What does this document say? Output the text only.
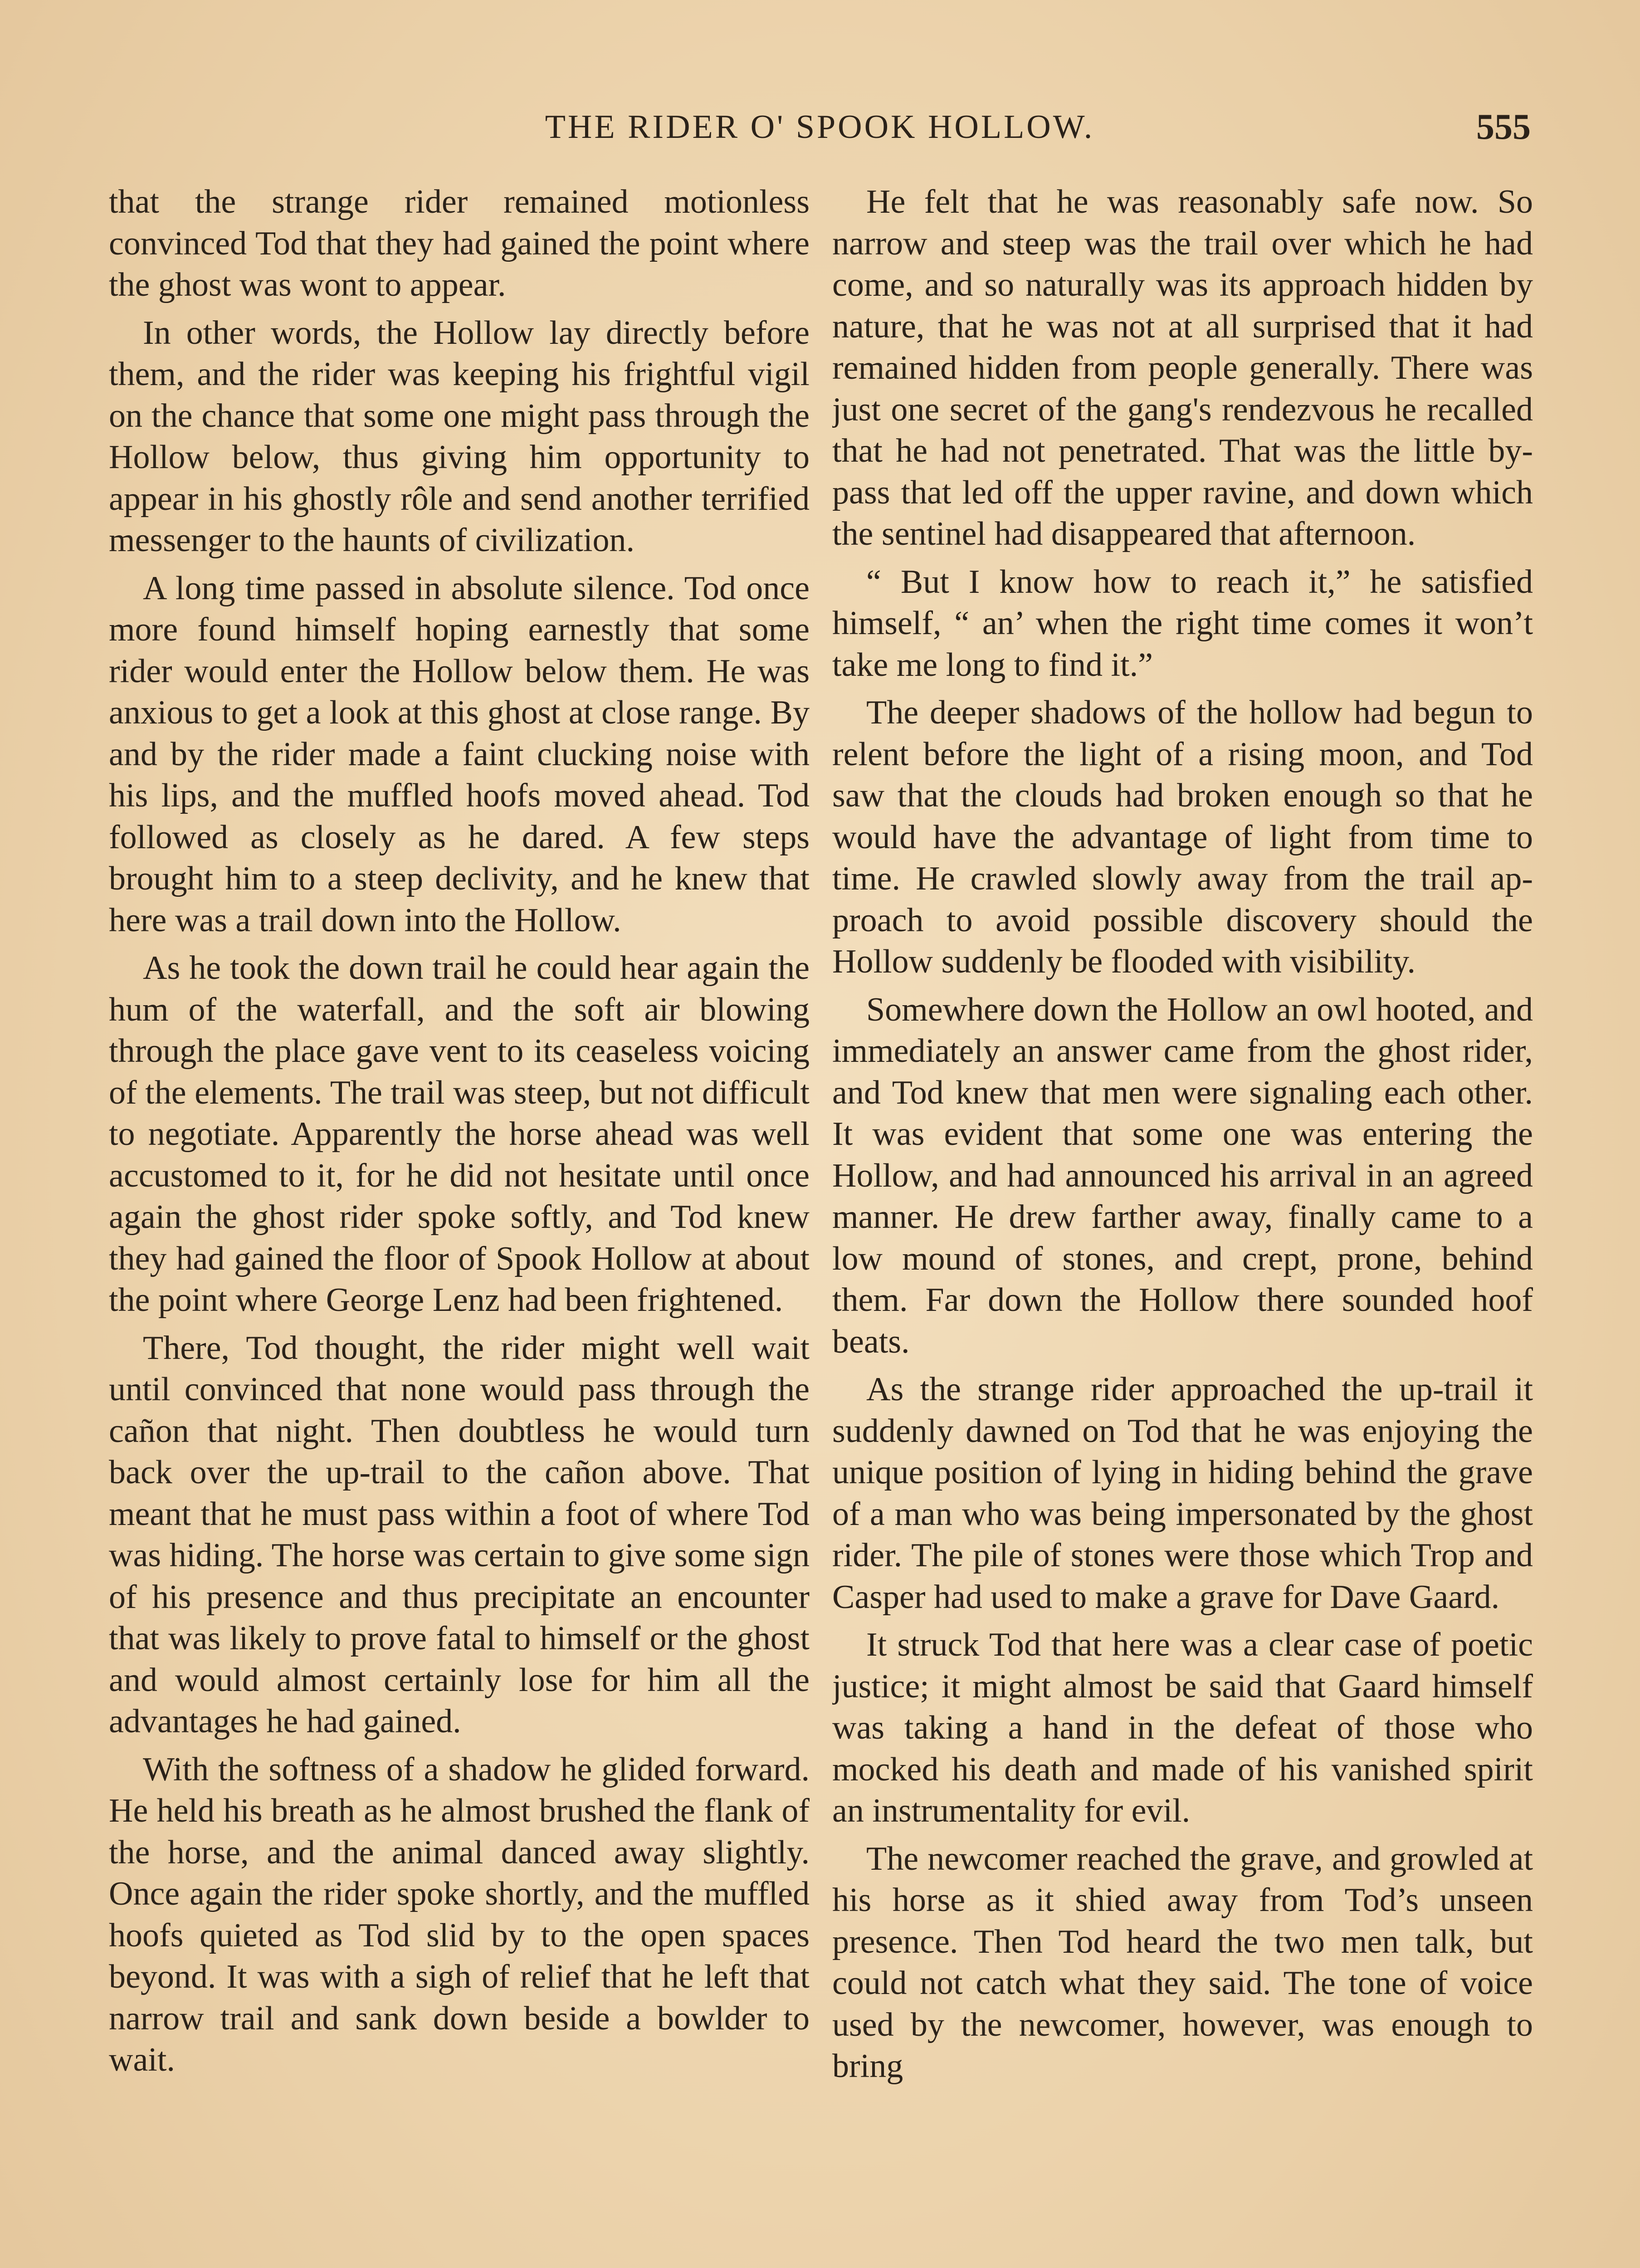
THE RIDER O' SPOOK HOLLOW.	555

that the strange rider remained motionless convinced Tod that they had gained the point where the ghost was wont to appear.

In other words, the Hollow lay directly before them, and the rider was keeping his frightful vigil on the chance that some one might pass through the Hollow below, thus giving him opportunity to appear in his ghostly rôle and send another terrified messenger to the haunts of civilization.

A long time passed in absolute silence. Tod once more found himself hoping earnestly that some rider would enter the Hollow below them. He was anxious to get a look at this ghost at close range. By and by the rider made a faint clucking noise with his lips, and the muffled hoofs moved ahead. Tod followed as closely as he dared. A few steps brought him to a steep declivity, and he knew that here was a trail down into the Hollow.

As he took the down trail he could hear again the hum of the waterfall, and the soft air blowing through the place gave vent to its ceaseless voicing of the elements. The trail was steep, but not difficult to negotiate. Apparently the horse ahead was well accustomed to it, for he did not hesitate until once again the ghost rider spoke softly, and Tod knew they had gained the floor of Spook Hollow at about the point where George Lenz had been frightened.

There, Tod thought, the rider might well wait until convinced that none would pass through the cañon that night. Then doubtless he would turn back over the up-trail to the cañon above. That meant that he must pass within a foot of where Tod was hiding. The horse was certain to give some sign of his presence and thus precipitate an encounter that was likely to prove fatal to himself or the ghost and would almost certainly lose for him all the advantages he had gained.

With the softness of a shadow he glided forward. He held his breath as he almost brushed the flank of the horse, and the animal danced away slightly. Once again the rider spoke shortly, and the muffled hoofs quieted as Tod slid by to the open spaces beyond. It was with a sigh of relief that he left that narrow trail and sank down beside a bowlder to wait.

He felt that he was reasonably safe now. So narrow and steep was the trail over which he had come, and so naturally was its approach hidden by nature, that he was not at all surprised that it had remained hidden from people generally. There was just one secret of the gang's rendezvous he recalled that he had not penetrated. That was the little by-pass that led off the upper ravine, and down which the sentinel had disappeared that afternoon.

“ But I know how to reach it,” he satisfied himself, “ an’ when the right time comes it won’t take me long to find it.”

The deeper shadows of the hollow had begun to relent before the light of a rising moon, and Tod saw that the clouds had broken enough so that he would have the advantage of light from time to time. He crawled slowly away from the trail approach to avoid possible discovery should the Hollow suddenly be flooded with visibility.

Somewhere down the Hollow an owl hooted, and immediately an answer came from the ghost rider, and Tod knew that men were signaling each other. It was evident that some one was entering the Hollow, and had announced his arrival in an agreed manner. He drew farther away, finally came to a low mound of stones, and crept, prone, behind them. Far down the Hollow there sounded hoof beats.

As the strange rider approached the up-trail it suddenly dawned on Tod that he was enjoying the unique position of lying in hiding behind the grave of a man who was being impersonated by the ghost rider. The pile of stones were those which Trop and Casper had used to make a grave for Dave Gaard.

It struck Tod that here was a clear case of poetic justice; it might almost be said that Gaard himself was taking a hand in the defeat of those who mocked his death and made of his vanished spirit an instrumentality for evil.

The newcomer reached the grave, and growled at his horse as it shied away from Tod’s unseen presence. Then Tod heard the two men talk, but could not catch what they said. The tone of voice used by the newcomer, however, was enough to bring
